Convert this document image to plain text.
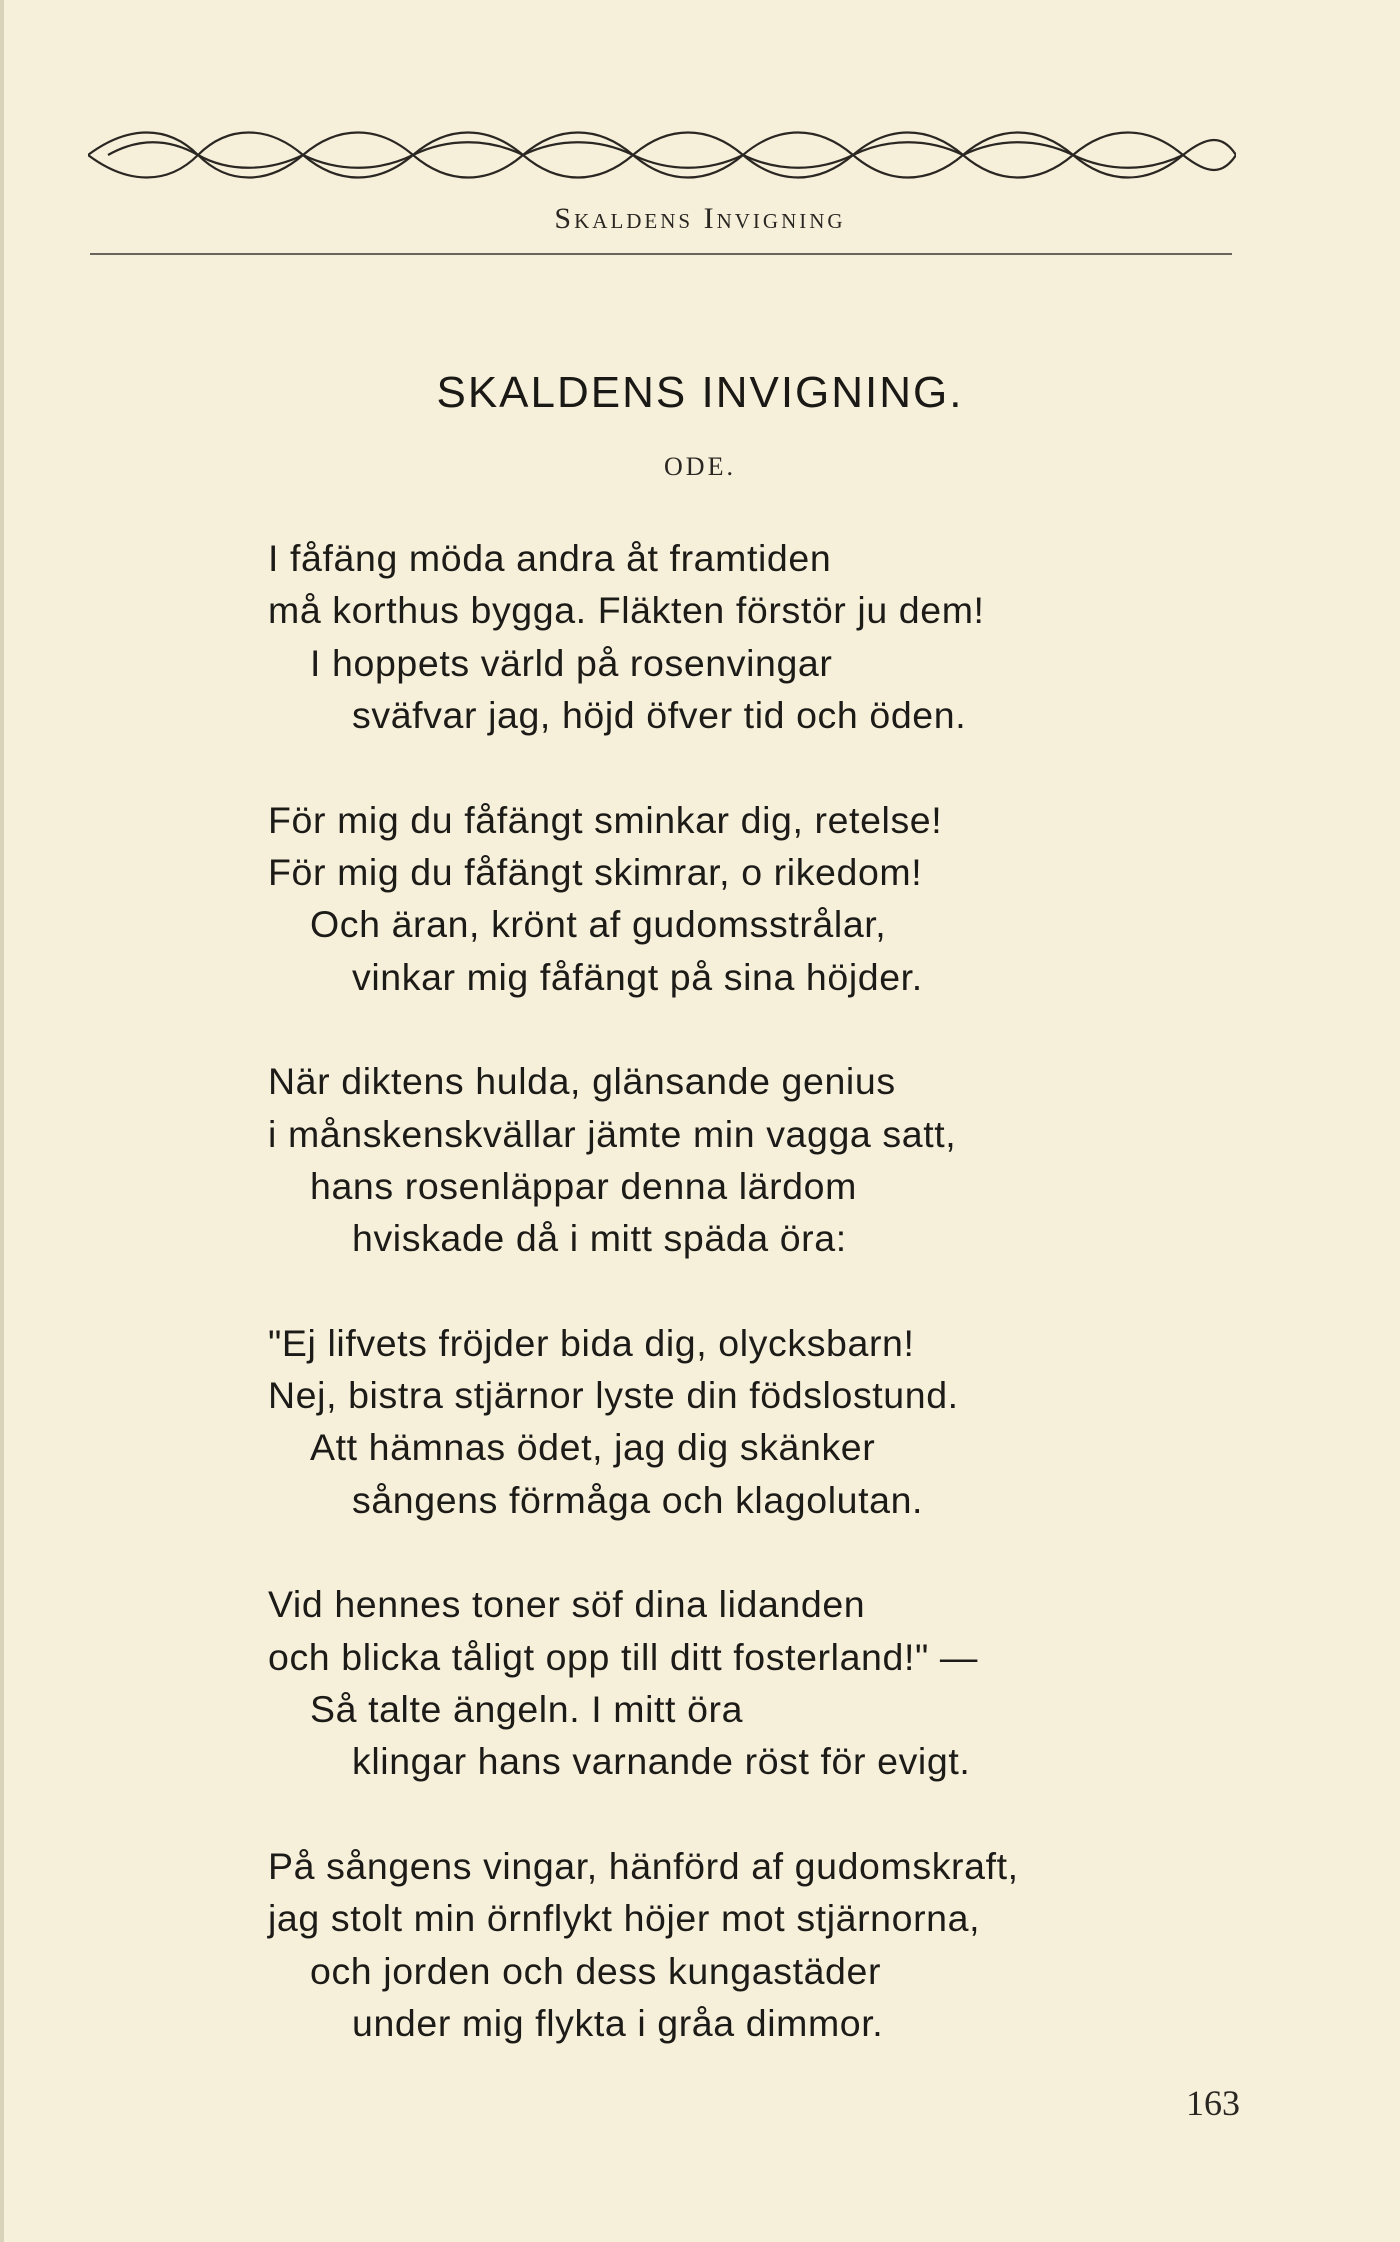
Skaldens Invigning
SKALDENS INVIGNING.
ODE.
I fåfäng möda andra åt framtiden
må korthus bygga. Fläkten förstör ju dem!
I hoppets värld på rosenvingar
sväfvar jag, höjd öfver tid och öden.
För mig du fåfängt sminkar dig, retelse!
För mig du fåfängt skimrar, o rikedom!
Och äran, krönt af gudomsstrålar,
vinkar mig fåfängt på sina höjder.
När diktens hulda, glänsande genius
i månskenskvällar jämte min vagga satt,
hans rosenläppar denna lärdom
hviskade då i mitt späda öra:
"Ej lifvets fröjder bida dig, olycksbarn!
Nej, bistra stjärnor lyste din födslostund.
Att hämnas ödet, jag dig skänker
sångens förmåga och klagolutan.
Vid hennes toner söf dina lidanden
och blicka tåligt opp till ditt fosterland!" —
Så talte ängeln. I mitt öra
klingar hans varnande röst för evigt.
På sångens vingar, hänförd af gudomskraft,
jag stolt min örnflykt höjer mot stjärnorna,
och jorden och dess kungastäder
under mig flykta i gråa dimmor.
163
